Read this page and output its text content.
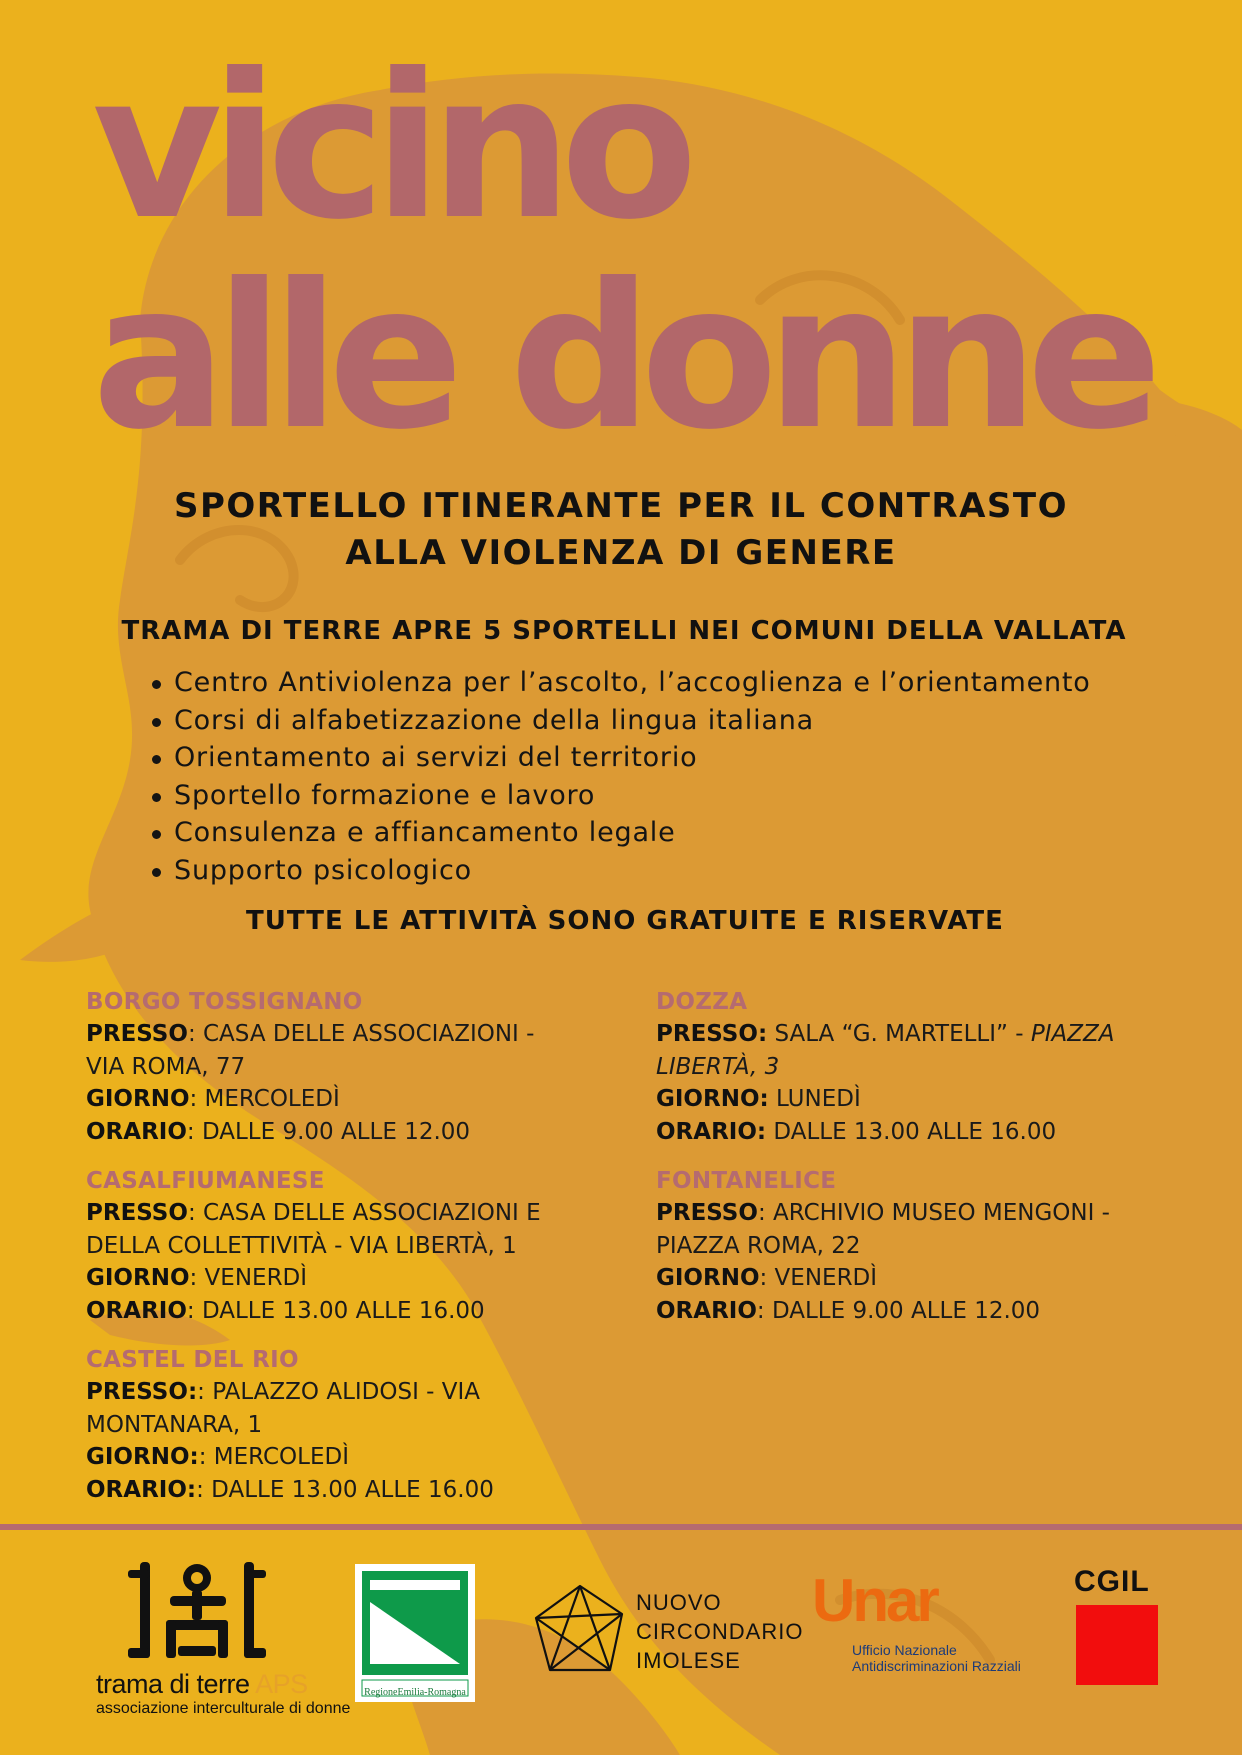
vicino
alle donne
SPORTELLO ITINERANTE PER IL CONTRASTO
ALLA VIOLENZA DI GENERE

TRAMA DI TERRE APRE 5 SPORTELLI NEI COMUNI DELLA VALLATA

Centro Antiviolenza per l’ascolto, l’accoglienza e l’orientamento
Corsi di alfabetizzazione della lingua italiana
Orientamento ai servizi del territorio
Sportello formazione e lavoro
Consulenza e affiancamento legale
Supporto psicologico

TUTTE LE ATTIVITÀ SONO GRATUITE E RISERVATE

BORGO TOSSIGNANO
PRESSO: CASA DELLE ASSOCIAZIONI -
VIA ROMA, 77
GIORNO: MERCOLEDÌ
ORARIO: DALLE 9.00 ALLE 12.00
CASALFIUMANESE
PRESSO: CASA DELLE ASSOCIAZIONI E
DELLA COLLETTIVITÀ - VIA LIBERTÀ, 1
GIORNO: VENERDÌ
ORARIO: DALLE 13.00 ALLE 16.00
CASTEL DEL RIO
PRESSO:: PALAZZO ALIDOSI - VIA
MONTANARA, 1
GIORNO:: MERCOLEDÌ
ORARIO:: DALLE 13.00 ALLE 16.00
DOZZA
PRESSO: SALA “G. MARTELLI” - PIAZZA
LIBERTÀ, 3
GIORNO: LUNEDÌ
ORARIO: DALLE 13.00 ALLE 16.00
FONTANELICE
PRESSO: ARCHIVIO MUSEO MENGONI -
PIAZZA ROMA, 22
GIORNO: VENERDÌ
ORARIO: DALLE 9.00 ALLE 12.00
trama di terre APS
associazione interculturale di donne
RegioneEmilia-Romagna
NUOVO
CIRCONDARIO
IMOLESE
Unar
Ufficio Nazionale
Antidiscriminazioni Razziali
CGIL
